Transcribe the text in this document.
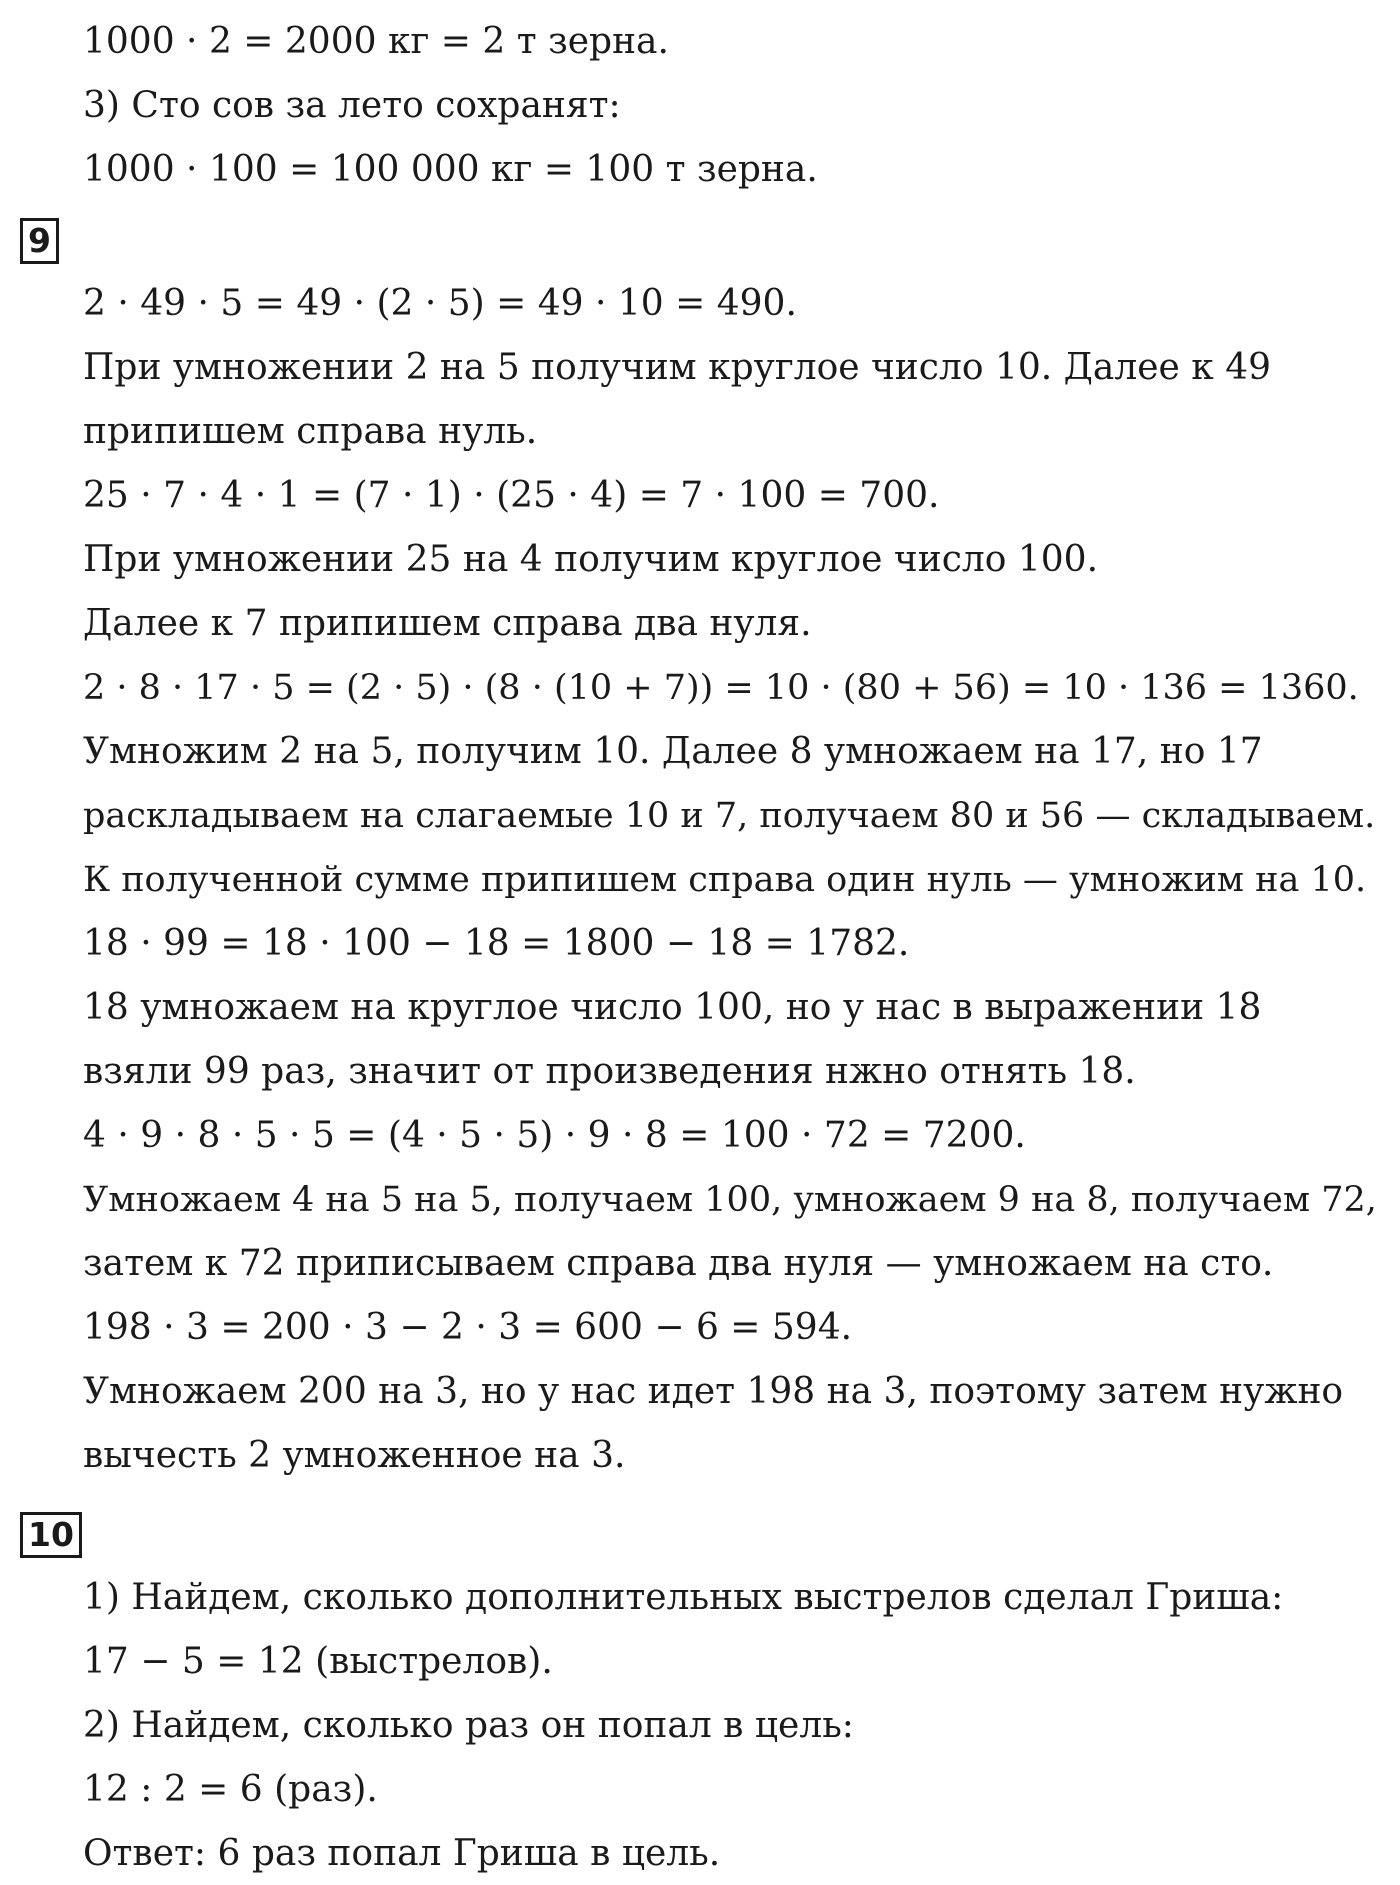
1000 · 2 = 2000 кг = 2 т зерна.
3) Сто сов за лето сохранят:
1000 · 100 = 100 000 кг = 100 т зерна.
9
2 · 49 · 5 = 49 · (2 · 5) = 49 · 10 = 490.
При умножении 2 на 5 получим круглое число 10. Далее к 49
припишем справа нуль.
25 · 7 · 4 · 1 = (7 · 1) · (25 · 4) = 7 · 100 = 700.
При умножении 25 на 4 получим круглое число 100.
Далее к 7 припишем справа два нуля.
2 · 8 · 17 · 5 = (2 · 5) · (8 · (10 + 7)) = 10 · (80 + 56) = 10 · 136 = 1360.
Умножим 2 на 5, получим 10. Далее 8 умножаем на 17, но 17
раскладываем на слагаемые 10 и 7, получаем 80 и 56 — складываем.
К полученной сумме припишем справа один нуль — умножим на 10.
18 · 99 = 18 · 100 − 18 = 1800 − 18 = 1782.
18 умножаем на круглое число 100, но у нас в выражении 18
взяли 99 раз, значит от произведения нжно отнять 18.
4 · 9 · 8 · 5 · 5 = (4 · 5 · 5) · 9 · 8 = 100 · 72 = 7200.
Умножаем 4 на 5 на 5, получаем 100, умножаем 9 на 8, получаем 72,
затем к 72 приписываем справа два нуля — умножаем на сто.
198 · 3 = 200 · 3 − 2 · 3 = 600 − 6 = 594.
Умножаем 200 на 3, но у нас идет 198 на 3, поэтому затем нужно
вычесть 2 умноженное на 3.
10
1) Найдем, сколько дополнительных выстрелов сделал Гриша:
17 − 5 = 12 (выстрелов).
2) Найдем, сколько раз он попал в цель:
12 : 2 = 6 (раз).
Ответ: 6 раз попал Гриша в цель.
